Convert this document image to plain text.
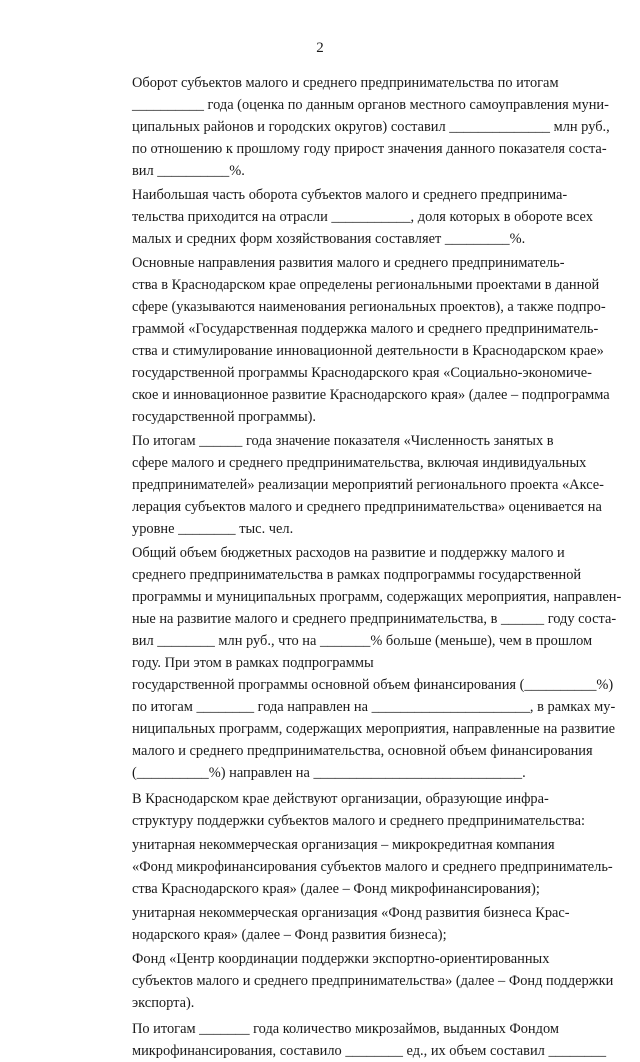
2

Оборот субъектов малого и среднего предпринимательства по итогам
__________ года (оценка по данным органов местного самоуправления муни-
ципальных районов и городских округов) составил ______________ млн руб.,
по отношению к прошлому году прирост значения данного показателя соста-
вил __________%.

Наибольшая часть оборота субъектов малого и среднего предпринима-
тельства приходится на отрасли ___________, доля которых в обороте всех
малых и средних форм хозяйствования составляет _________%.

Основные направления развития малого и среднего предприниматель-
ства в Краснодарском крае определены региональными проектами в данной
сфере (указываются наименования региональных проектов), а также подпро-
граммой «Государственная поддержка малого и среднего предприниматель-
ства и стимулирование инновационной деятельности в Краснодарском крае»
государственной программы Краснодарского края «Социально-экономиче-
ское и инновационное развитие Краснодарского края» (далее – подпрограмма
государственной программы).

По итогам ______ года значение показателя «Численность занятых в
сфере малого и среднего предпринимательства, включая индивидуальных
предпринимателей» реализации мероприятий регионального проекта «Аксе-
лерация субъектов малого и среднего предпринимательства» оценивается на
уровне ________ тыс. чел.

Общий объем бюджетных расходов на развитие и поддержку малого и
среднего предпринимательства в рамках подпрограммы государственной
программы и муниципальных программ, содержащих мероприятия, направлен-
ные на развитие малого и среднего предпринимательства, в ______ году соста-
вил ________ млн руб., что на _______% больше (меньше), чем в прошлом
году. При этом в рамках подпрограммы
государственной программы основной объем финансирования (__________%)
по итогам ________ года направлен на ______________________, в рамках му-
ниципальных программ, содержащих мероприятия, направленные на развитие
малого и среднего предпринимательства, основной объем финансирования
(__________%) направлен на _____________________________.

В Краснодарском крае действуют организации, образующие инфра-
структуру поддержки субъектов малого и среднего предпринимательства:

унитарная некоммерческая организация – микрокредитная компания
«Фонд микрофинансирования субъектов малого и среднего предприниматель-
ства Краснодарского края» (далее – Фонд микрофинансирования);

унитарная некоммерческая организация «Фонд развития бизнеса Крас-
нодарского края» (далее – Фонд развития бизнеса);

Фонд «Центр координации поддержки экспортно-ориентированных
субъектов малого и среднего предпринимательства» (далее – Фонд поддержки
экспорта).

По итогам _______ года количество микрозаймов, выданных Фондом
микрофинансирования, составило ________ ед., их объем составил ________
